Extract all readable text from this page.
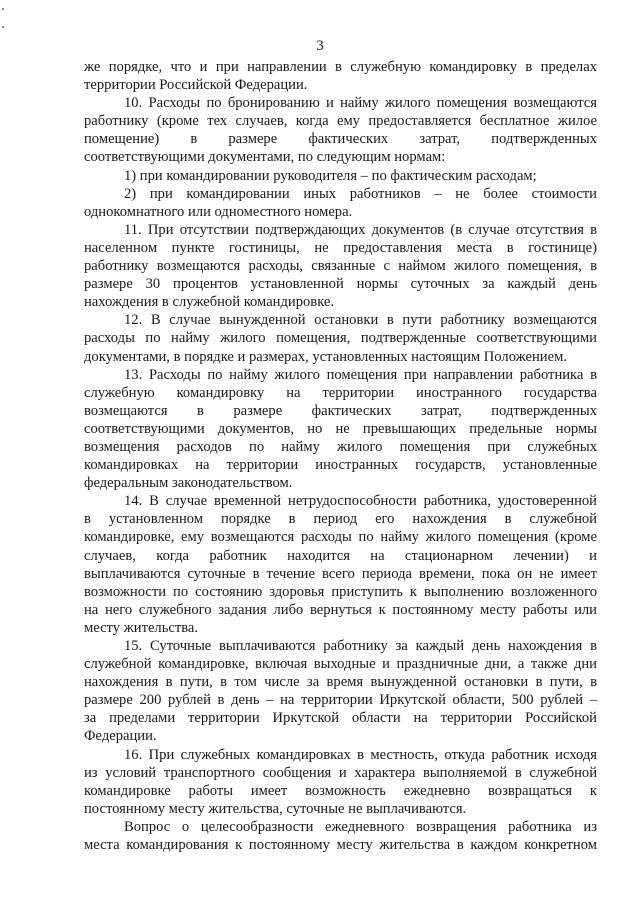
3
же порядке, что и при направлении в служебную командировку в пределах
территории Российской Федерации.
10. Расходы по бронированию и найму жилого помещения возмещаются
работнику (кроме тех случаев, когда ему предоставляется бесплатное жилое
помещение) в размере фактических затрат, подтвержденных
соответствующими документами, по следующим нормам:
1) при командировании руководителя – по фактическим расходам;
2) при командировании иных работников – не более стоимости
однокомнатного или одноместного номера.
11. При отсутствии подтверждающих документов (в случае отсутствия в
населенном пункте гостиницы, не предоставления места в гостинице)
работнику возмещаются расходы, связанные с наймом жилого помещения, в
размере 30 процентов установленной нормы суточных за каждый день
нахождения в служебной командировке.
12. В случае вынужденной остановки в пути работнику возмещаются
расходы по найму жилого помещения, подтвержденные соответствующими
документами, в порядке и размерах, установленных настоящим Положением.
13. Расходы по найму жилого помещения при направлении работника в
служебную командировку на территории иностранного государства
возмещаются в размере фактических затрат, подтвержденных
соответствующими документов, но не превышающих предельные нормы
возмещения расходов по найму жилого помещения при служебных
командировках на территории иностранных государств, установленные
федеральным законодательством.
14. В случае временной нетрудоспособности работника, удостоверенной
в установленном порядке в период его нахождения в служебной
командировке, ему возмещаются расходы по найму жилого помещения (кроме
случаев, когда работник находится на стационарном лечении) и
выплачиваются суточные в течение всего периода времени, пока он не имеет
возможности по состоянию здоровья приступить к выполнению возложенного
на него служебного задания либо вернуться к постоянному месту работы или
месту жительства.
15. Суточные выплачиваются работнику за каждый день нахождения в
служебной командировке, включая выходные и праздничные дни, а также дни
нахождения в пути, в том числе за время вынужденной остановки в пути, в
размере 200 рублей в день – на территории Иркутской области, 500 рублей –
за пределами территории Иркутской области на территории Российской
Федерации.
16. При служебных командировках в местность, откуда работник исходя
из условий транспортного сообщения и характера выполняемой в служебной
командировке работы имеет возможность ежедневно возвращаться к
постоянному месту жительства, суточные не выплачиваются.
Вопрос о целесообразности ежедневного возвращения работника из
места командирования к постоянному месту жительства в каждом конкретном
